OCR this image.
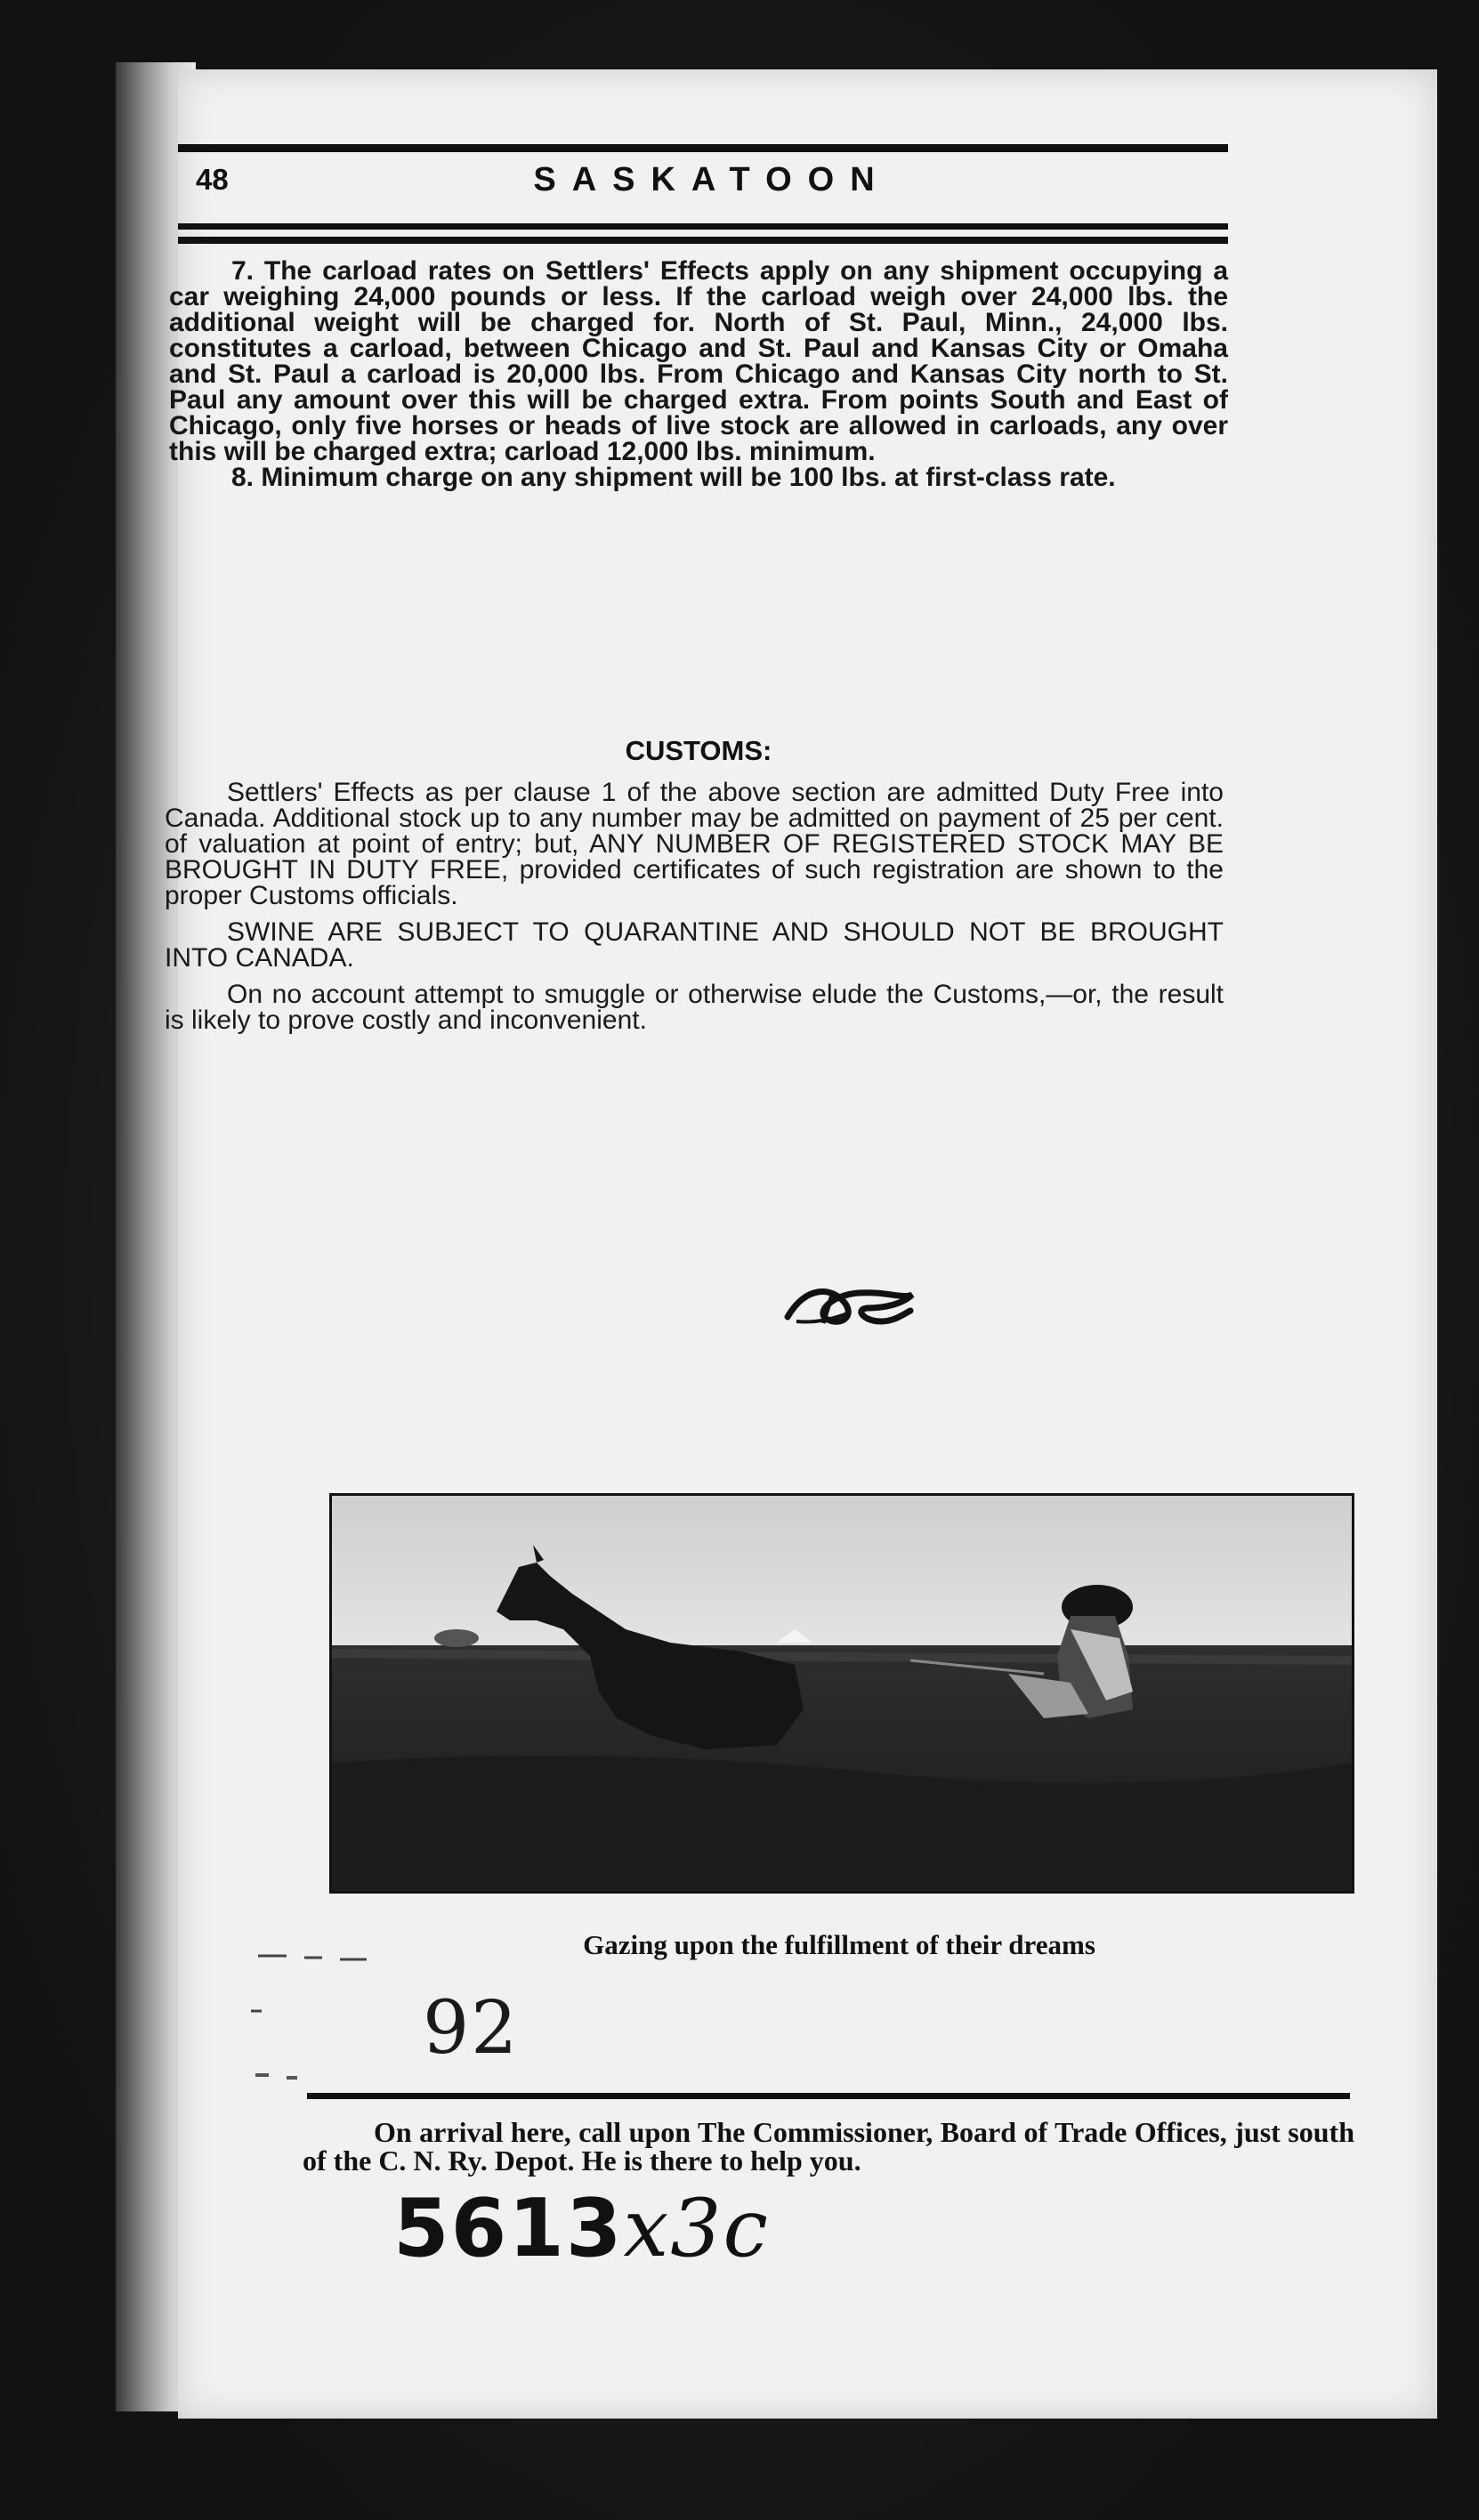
48	SASKATOON

7. The carload rates on Settlers' Effects apply on any shipment occupying a car weighing 24,000 pounds or less. If the carload weigh over 24,000 lbs. the additional weight will be charged for. North of St. Paul, Minn., 24,000 lbs. constitutes a carload, between Chicago and St. Paul and Kansas City or Omaha and St. Paul a carload is 20,000 lbs. From Chicago and Kansas City north to St. Paul any amount over this will be charged extra. From points South and East of Chicago, only five horses or heads of live stock are allowed in carloads, any over this will be charged extra; carload 12,000 lbs. minimum.

8. Minimum charge on any shipment will be 100 lbs. at first-class rate.

CUSTOMS:

Settlers' Effects as per clause 1 of the above section are admitted Duty Free into Canada. Additional stock up to any number may be admitted on payment of 25 per cent. of valuation at point of entry; but, ANY NUMBER OF REGISTERED STOCK MAY BE BROUGHT IN DUTY FREE, provided certificates of such registration are shown to the proper Customs officials.

SWINE ARE SUBJECT TO QUARANTINE AND SHOULD NOT BE BROUGHT INTO CANADA.

On no account attempt to smuggle or otherwise elude the Customs,—or, the result is likely to prove costly and inconvenient.

Gazing upon the fulfillment of their dreams
92

On arrival here, call upon The Commissioner, Board of Trade Offices, just south of the C. N. Ry. Depot. He is there to help you.

5613x3c
